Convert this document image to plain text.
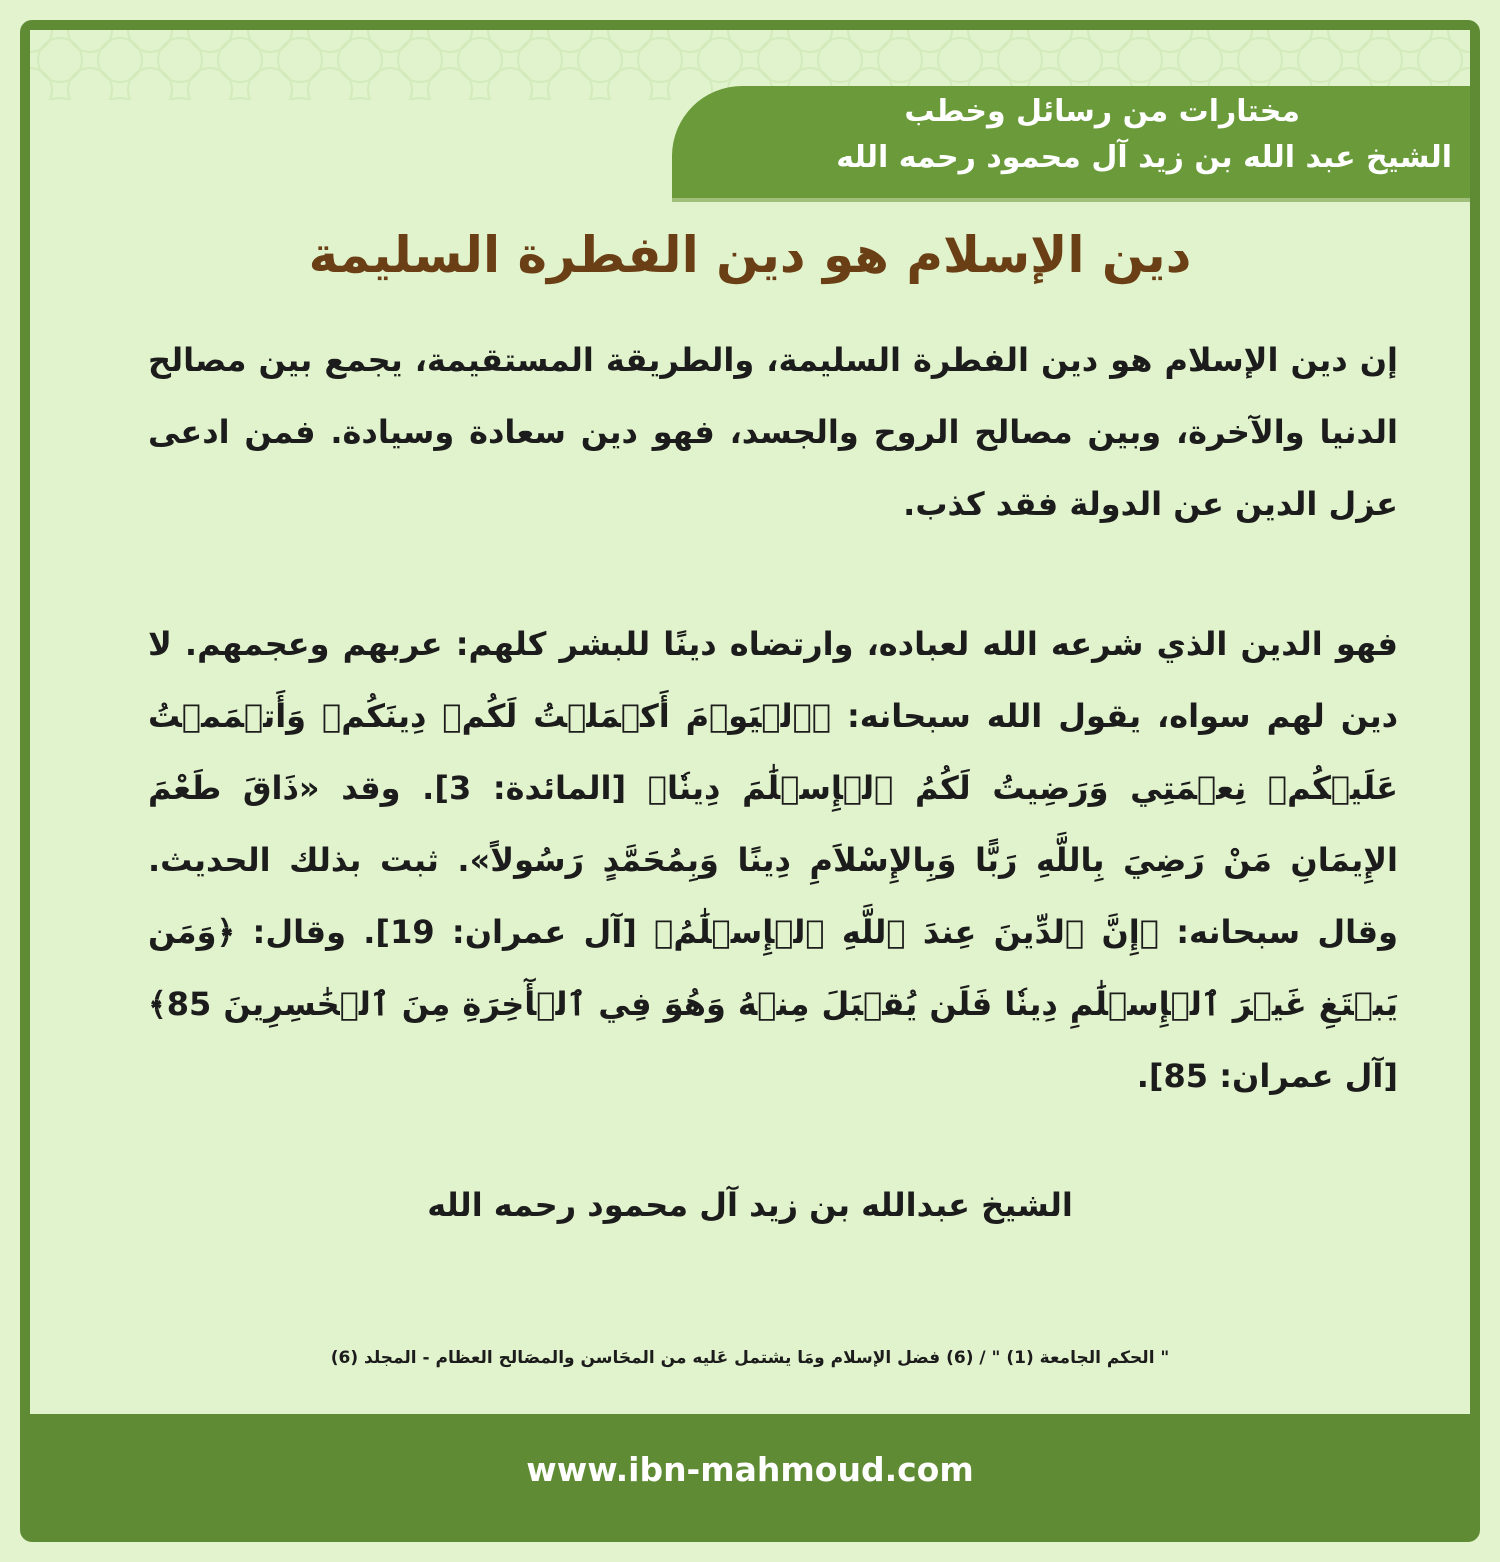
مختارات من رسائل وخطب
الشيخ عبد الله بن زيد آل محمود رحمه الله
دين الإسلام هو دين الفطرة السليمة
إن دين الإسلام هو دين الفطرة السليمة، والطريقة المستقيمة، يجمع بين مصالح الدنيا والآخرة، وبين مصالح الروح والجسد، فهو دين سعادة وسيادة. فمن ادعى عزل الدين عن الدولة فقد كذب.
فهو الدين الذي شرعه الله لعباده، وارتضاه دينًا للبشر كلهم: عربهم وعجمهم. لا دين لهم سواه، يقول الله سبحانه: ﴿ٱلۡيَوۡمَ أَكۡمَلۡتُ لَكُمۡ دِينَكُمۡ وَأَتۡمَمۡتُ عَلَيۡكُمۡ نِعۡمَتِي وَرَضِيتُ لَكُمُ ٱلۡإِسۡلَٰمَ دِينٗا﴾ [المائدة: 3]. وقد «ذَاقَ طَعْمَ الإِيمَانِ مَنْ رَضِيَ بِاللَّهِ رَبًّا وَبِالإِسْلاَمِ دِينًا وَبِمُحَمَّدٍ رَسُولاً». ثبت بذلك الحديث. وقال سبحانه: ﴿إِنَّ ٱلدِّينَ عِندَ ٱللَّهِ ٱلۡإِسۡلَٰمُ﴾ [آل عمران: 19]. وقال: ﴿وَمَن يَبۡتَغِ غَيۡرَ ٱلۡإِسۡلَٰمِ دِينٗا فَلَن يُقۡبَلَ مِنۡهُ وَهُوَ فِي ٱلۡأٓخِرَةِ مِنَ ٱلۡخَٰسِرِينَ 85﴾ [آل عمران: 85].
الشيخ عبدالله بن زيد آل محمود رحمه الله
" الحكم الجامعة (1) " / (6) فضل الإسلام ومَا يشتمل عَليه من المحَاسن والمصَالح العظام - المجلد (6)
www.ibn-mahmoud.com
